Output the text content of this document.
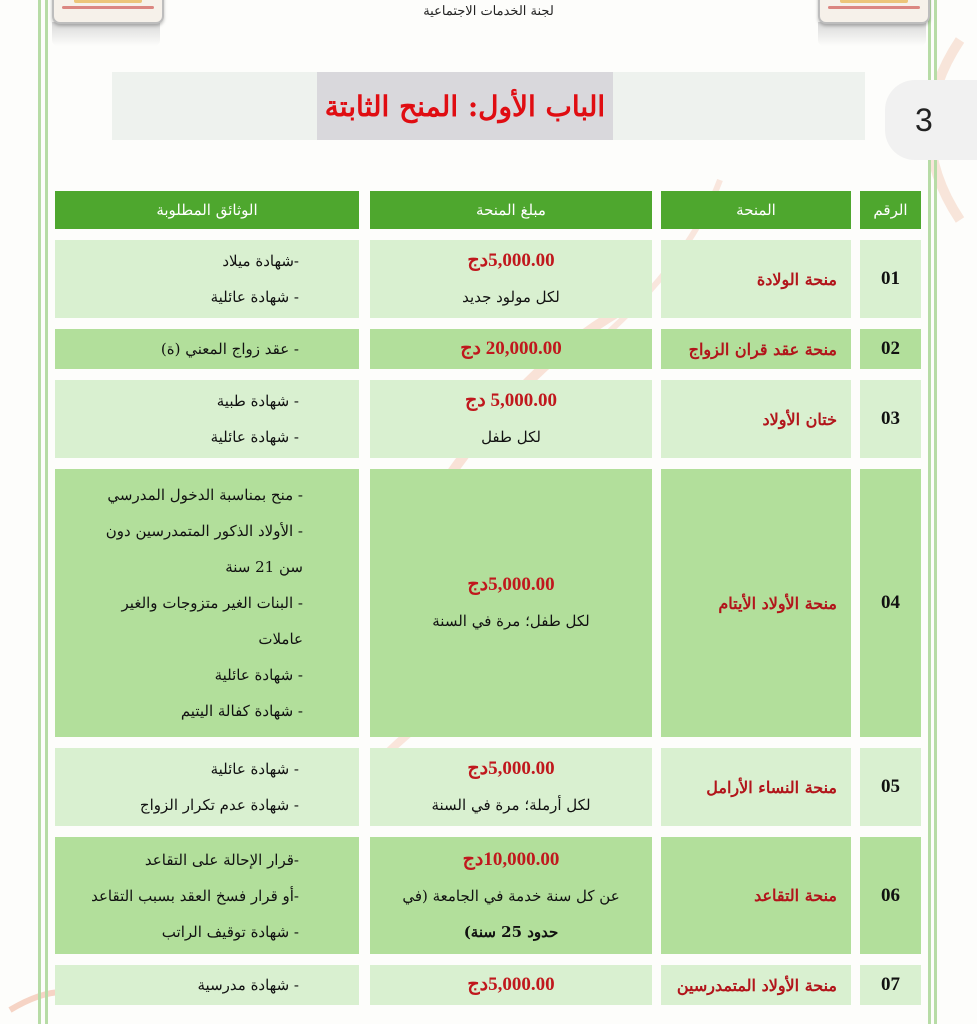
لجنة الخدمات الاجتماعية
الباب الأول: المنح الثابتة	3
الرقم
المنحة
مبلغ المنحة
الوثائق المطلوبة
01
منحة الولادة
5,000.00دج
لكل مولود جديد
-شهادة ميلاد
- شهادة عائلية
02
منحة عقد قران الزواج
20,000.00 دج
- عقد زواج المعني (ة)
03
ختان الأولاد
5,000.00 دج
لكل طفل
- شهادة طبية
- شهادة عائلية
04
منحة الأولاد الأيتام
5,000.00دج
لكل طفل؛ مرة في السنة
- منح بمناسبة الدخول المدرسي
- الأولاد الذكور المتمدرسين دون
سن 21 سنة
- البنات الغير متزوجات والغير
عاملات
- شهادة عائلية
- شهادة كفالة اليتيم
05
منحة النساء الأرامل
5,000.00دج
لكل أرملة؛ مرة في السنة
- شهادة عائلية
- شهادة عدم تكرار الزواج
06
منحة التقاعد
10,000.00دج
عن كل سنة خدمة في الجامعة (في
حدود 25 سنة)
-قرار الإحالة على التقاعد
-أو قرار فسخ العقد بسبب التقاعد
- شهادة توقيف الراتب
07
منحة الأولاد المتمدرسين
5,000.00دج
- شهادة مدرسية
